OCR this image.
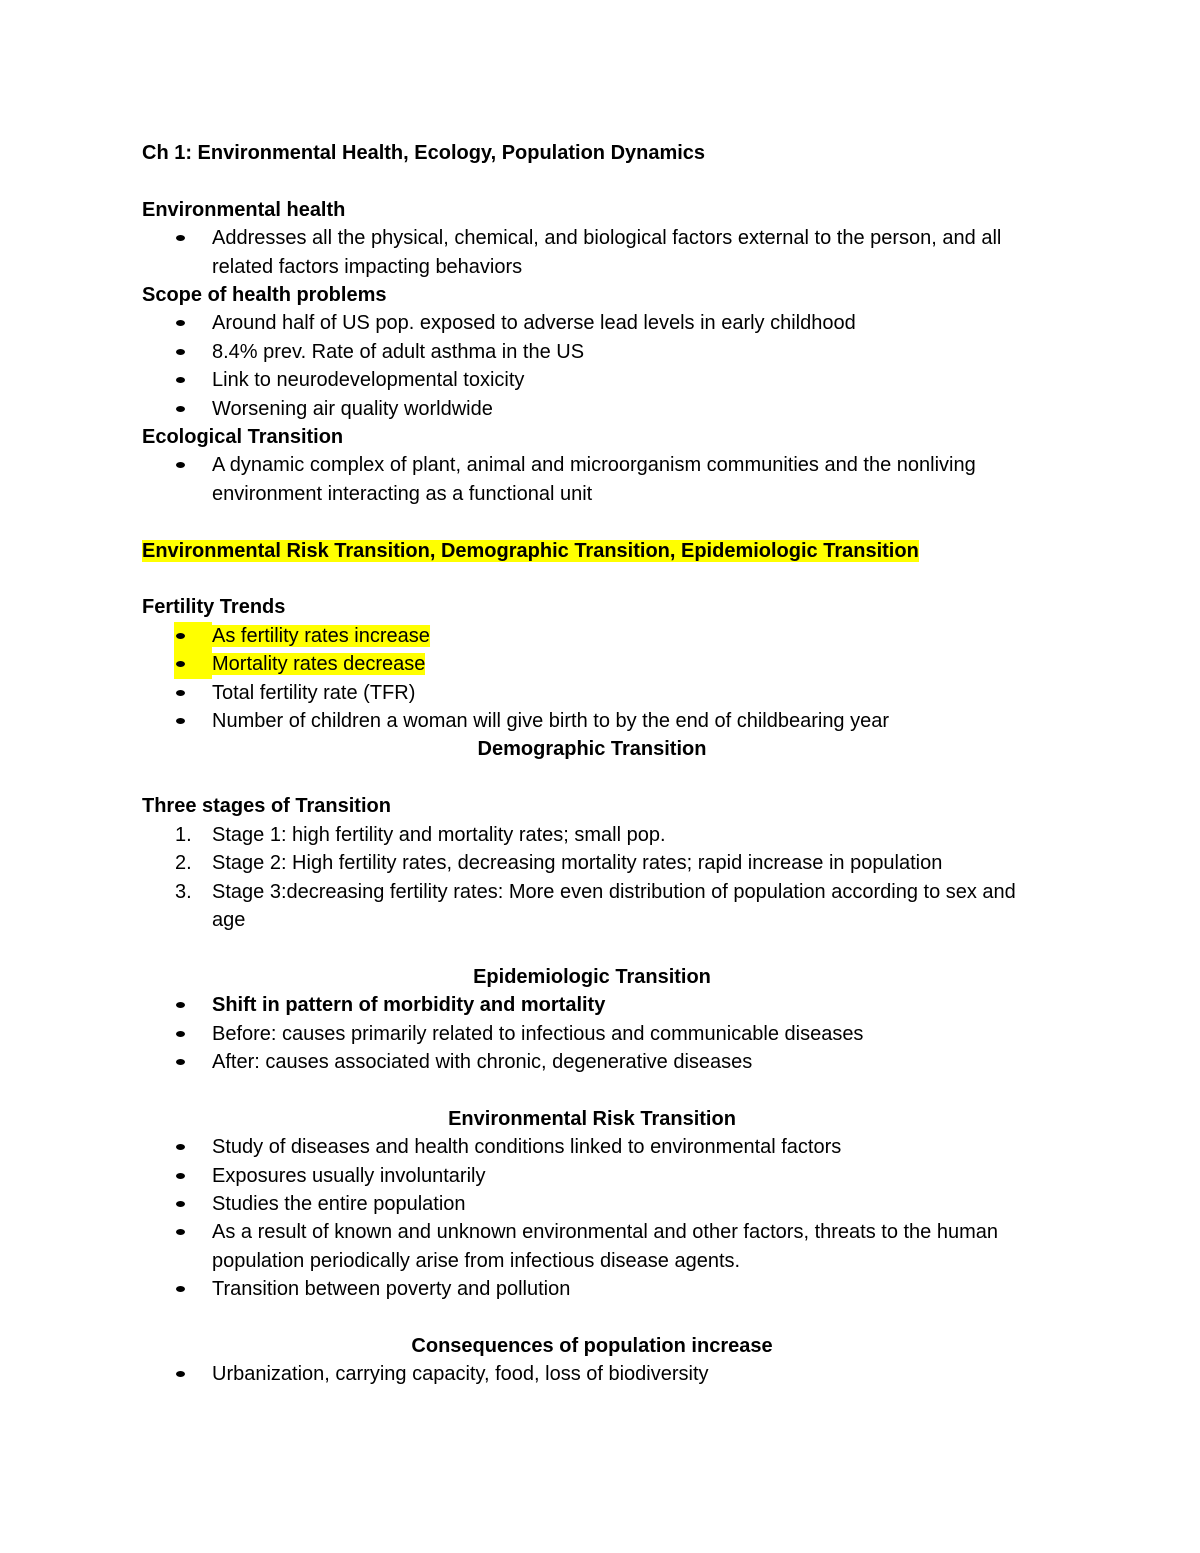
Ch 1: Environmental Health, Ecology, Population Dynamics

Environmental health

Addresses all the physical, chemical, and biological factors external to the person, and all related factors impacting behaviors

Scope of health problems

Around half of US pop. exposed to adverse lead levels in early childhood
8.4% prev. Rate of adult asthma in the US
Link to neurodevelopmental toxicity
Worsening air quality worldwide

Ecological Transition

A dynamic complex of plant, animal and microorganism communities and the nonliving environment interacting as a functional unit

Environmental Risk Transition, Demographic Transition, Epidemiologic Transition

Fertility Trends

As fertility rates increase
Mortality rates decrease
Total fertility rate (TFR)
Number of children a woman will give birth to by the end of childbearing year

Demographic Transition

Three stages of Transition

1. Stage 1: high fertility and mortality rates; small pop.
2. Stage 2: High fertility rates, decreasing mortality rates; rapid increase in population
3. Stage 3:decreasing fertility rates: More even distribution of population according to sex and age

Epidemiologic Transition

Shift in pattern of morbidity and mortality
Before: causes primarily related to infectious and communicable diseases
After: causes associated with chronic, degenerative diseases

Environmental Risk Transition

Study of diseases and health conditions linked to environmental factors
Exposures usually involuntarily
Studies the entire population
As a result of known and unknown environmental and other factors, threats to the human population periodically arise from infectious disease agents.
Transition between poverty and pollution

Consequences of population increase

Urbanization, carrying capacity, food, loss of biodiversity
